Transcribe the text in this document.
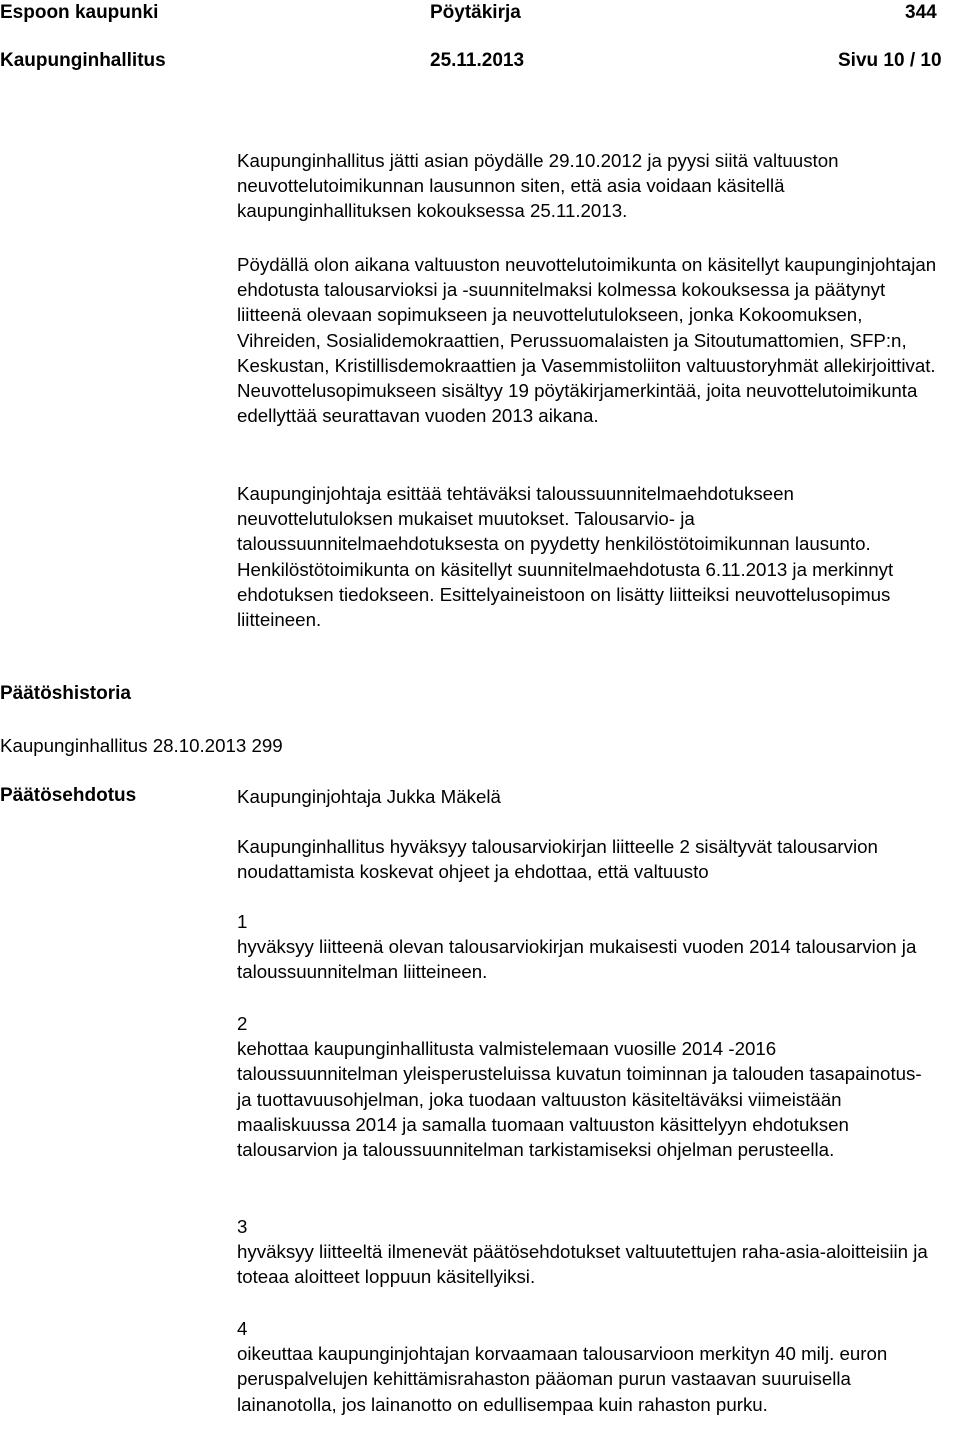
Espoon kaupunki	Pöytäkirja	344
Kaupunginhallitus	25.11.2013	Sivu 10 / 10

Kaupunginhallitus jätti asian pöydälle 29.10.2012 ja pyysi siitä valtuuston neuvottelutoimikunnan lausunnon siten, että asia voidaan käsitellä kaupunginhallituksen kokouksessa 25.11.2013.

Pöydällä olon aikana valtuuston neuvottelutoimikunta on käsitellyt kaupunginjohtajan ehdotusta talousarvioksi ja -suunnitelmaksi kolmessa kokouksessa ja päätynyt liitteenä olevaan sopimukseen ja neuvottelutulokseen, jonka Kokoomuksen, Vihreiden, Sosialidemokraattien, Perussuomalaisten ja Sitoutumattomien, SFP:n, Keskustan, Kristillisdemokraattien ja Vasemmistoliiton valtuustoryhmät allekirjoittivat. Neuvottelusopimukseen sisältyy 19 pöytäkirjamerkintää, joita neuvottelutoimikunta edellyttää seurattavan vuoden 2013 aikana.

Kaupunginjohtaja esittää tehtäväksi taloussuunnitelmaehdotukseen neuvottelutuloksen mukaiset muutokset. Talousarvio- ja taloussuunnitelmaehdotuksesta on pyydetty henkilöstötoimikunnan lausunto. Henkilöstötoimikunta on käsitellyt suunnitelmaehdotusta 6.11.2013 ja merkinnyt ehdotuksen tiedokseen. Esittelyaineistoon on lisätty liitteiksi neuvottelusopimus liitteineen.

Päätöshistoria
Kaupunginhallitus 28.10.2013 299
Päätösehdotus	Kaupunginjohtaja Jukka Mäkelä

Kaupunginhallitus hyväksyy talousarviokirjan liitteelle 2 sisältyvät talousarvion noudattamista koskevat ohjeet ja ehdottaa, että valtuusto

1

hyväksyy liitteenä olevan talousarviokirjan mukaisesti vuoden 2014 talousarvion ja taloussuunnitelman liitteineen.

2

kehottaa kaupunginhallitusta valmistelemaan vuosille 2014 -2016 taloussuunnitelman yleisperusteluissa kuvatun toiminnan ja talouden tasapainotus- ja tuottavuusohjelman, joka tuodaan valtuuston käsiteltäväksi viimeistään maaliskuussa 2014 ja samalla tuomaan valtuuston käsittelyyn ehdotuksen talousarvion ja taloussuunnitelman tarkistamiseksi ohjelman perusteella.

3

hyväksyy liitteeltä ilmenevät päätösehdotukset valtuutettujen raha-asia-aloitteisiin ja toteaa aloitteet loppuun käsitellyiksi.

4

oikeuttaa kaupunginjohtajan korvaamaan talousarvioon merkityn 40 milj. euron peruspalvelujen kehittämisrahaston pääoman purun vastaavan suuruisella lainanotolla, jos lainanotto on edullisempaa kuin rahaston purku.
